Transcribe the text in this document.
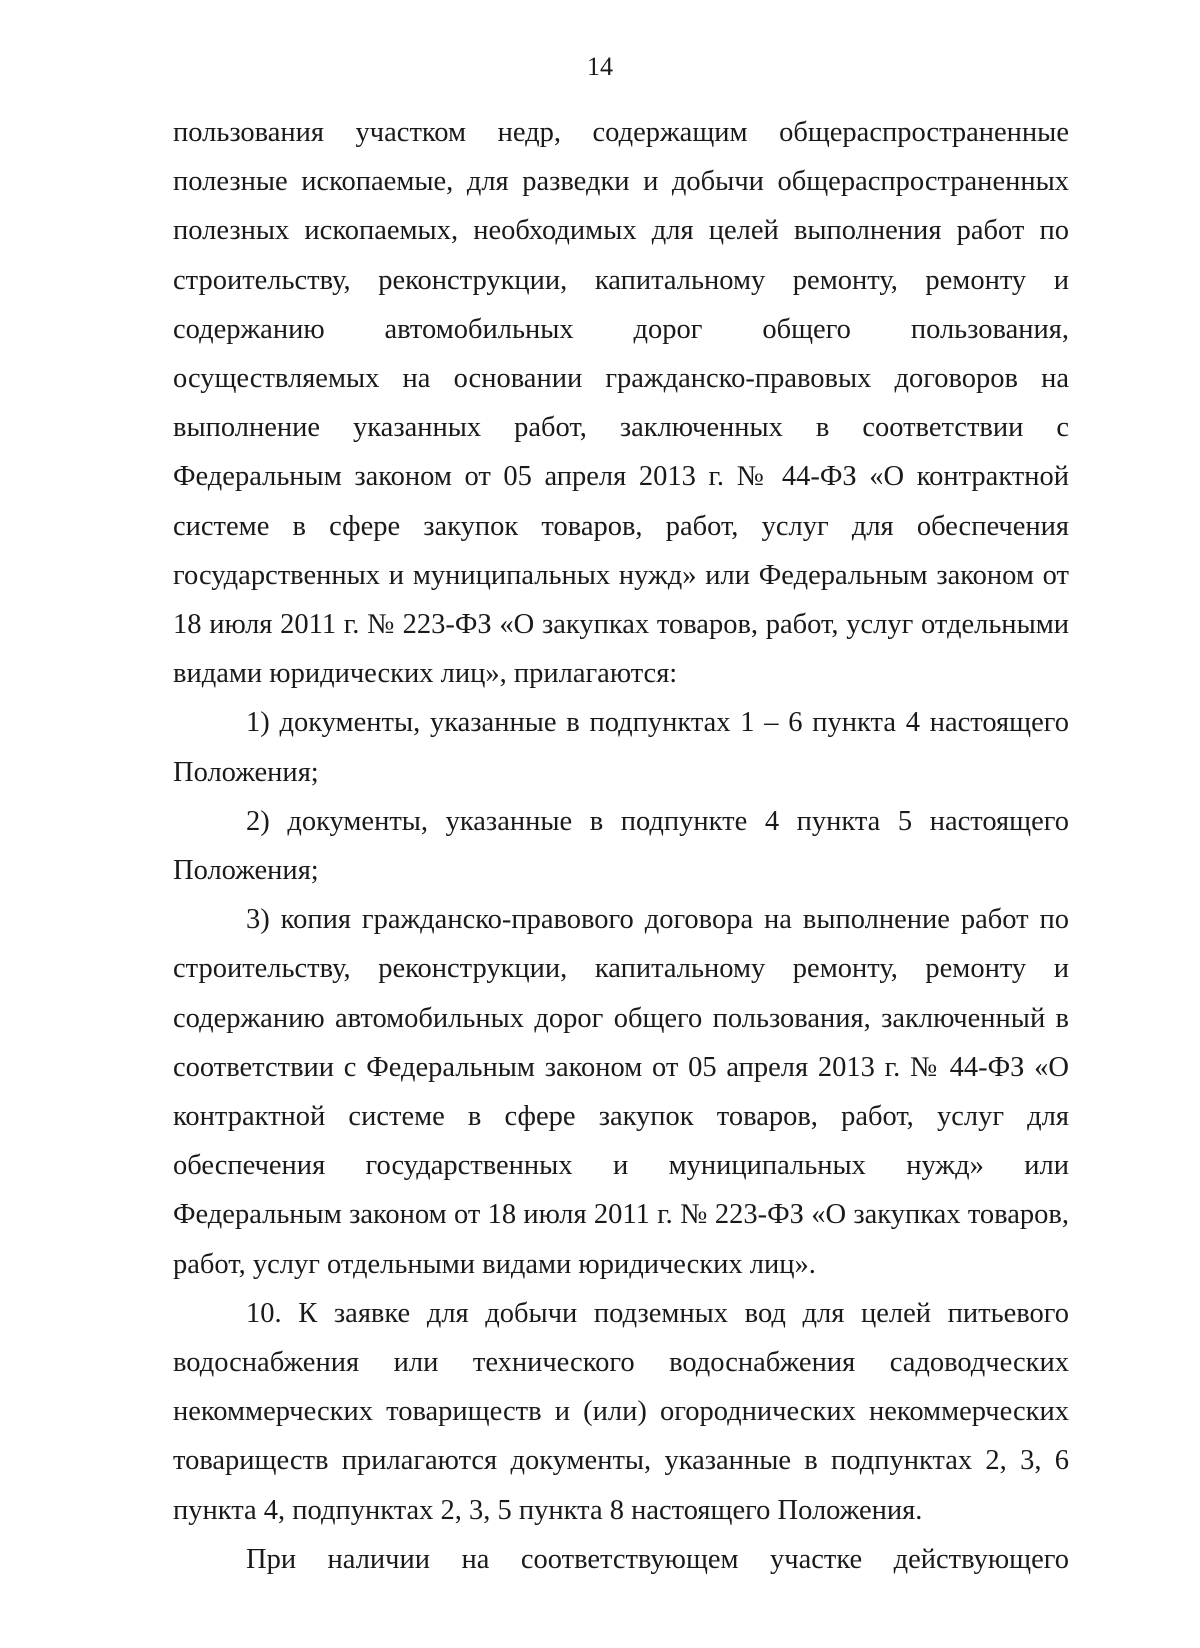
14

пользования участком недр, содержащим общераспространенные полезные ископаемые, для разведки и добычи общераспространенных полезных ископаемых, необходимых для целей выполнения работ по строительству, реконструкции, капитальному ремонту, ремонту и содержанию автомобильных дорог общего пользования, осуществляемых на основании гражданско-правовых договоров на выполнение указанных работ, заключенных в соответствии с Федеральным законом от 05 апреля 2013 г. № 44-ФЗ «О контрактной системе в сфере закупок товаров, работ, услуг для обеспечения государственных и муниципальных нужд» или Федеральным законом от 18 июля 2011 г. № 223-ФЗ «О закупках товаров, работ, услуг отдельными видами юридических лиц», прилагаются:

1) документы, указанные в подпунктах 1 – 6 пункта 4 настоящего Положения;

2) документы, указанные в подпункте 4 пункта 5 настоящего Положения;

3) копия гражданско-правового договора на выполнение работ по строительству, реконструкции, капитальному ремонту, ремонту и содержанию автомобильных дорог общего пользования, заключенный в соответствии с Федеральным законом от 05 апреля 2013 г. № 44-ФЗ «О контрактной системе в сфере закупок товаров, работ, услуг для обеспечения государственных и муниципальных нужд» или Федеральным законом от 18 июля 2011 г. № 223-ФЗ «О закупках товаров, работ, услуг отдельными видами юридических лиц».

10. К заявке для добычи подземных вод для целей питьевого водоснабжения или технического водоснабжения садоводческих некоммерческих товариществ и (или) огороднических некоммерческих товариществ прилагаются документы, указанные в подпунктах 2, 3, 6 пункта 4, подпунктах 2, 3, 5 пункта 8 настоящего Положения.

При наличии на соответствующем участке действующего
